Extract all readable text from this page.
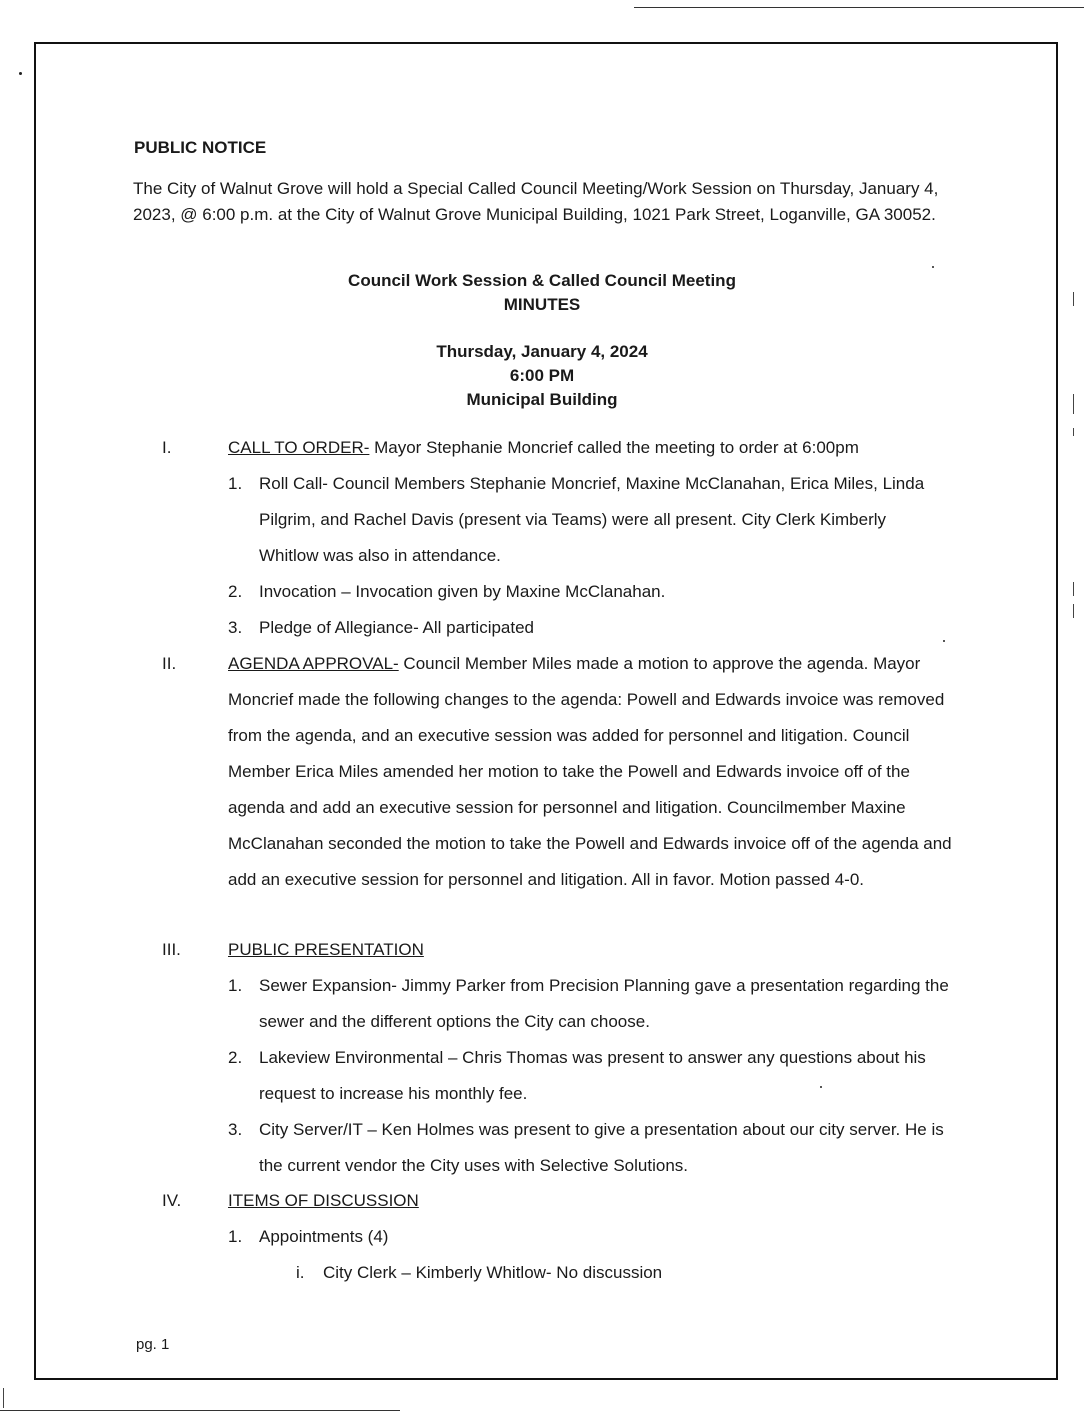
PUBLIC NOTICE
The City of Walnut Grove will hold a Special Called Council Meeting/Work Session on Thursday, January 4, 2023, @ 6:00 p.m. at the City of Walnut Grove Municipal Building, 1021 Park Street, Loganville, GA 30052.
Council Work Session & Called Council Meeting
MINUTES
Thursday, January 4, 2024
6:00 PM
Municipal Building
I.	CALL TO ORDER- Mayor Stephanie Moncrief called the meeting to order at 6:00pm
1. Roll Call- Council Members Stephanie Moncrief, Maxine McClanahan, Erica Miles, Linda Pilgrim, and Rachel Davis (present via Teams) were all present. City Clerk Kimberly Whitlow was also in attendance.
2. Invocation – Invocation given by Maxine McClanahan.
3. Pledge of Allegiance- All participated
II.	AGENDA APPROVAL- Council Member Miles made a motion to approve the agenda. Mayor Moncrief made the following changes to the agenda: Powell and Edwards invoice was removed from the agenda, and an executive session was added for personnel and litigation. Council Member Erica Miles amended her motion to take the Powell and Edwards invoice off of the agenda and add an executive session for personnel and litigation. Councilmember Maxine McClanahan seconded the motion to take the Powell and Edwards invoice off of the agenda and add an executive session for personnel and litigation. All in favor. Motion passed 4-0.
III.	PUBLIC PRESENTATION
1. Sewer Expansion- Jimmy Parker from Precision Planning gave a presentation regarding the sewer and the different options the City can choose.
2. Lakeview Environmental – Chris Thomas was present to answer any questions about his request to increase his monthly fee.
3. City Server/IT – Ken Holmes was present to give a presentation about our city server. He is the current vendor the City uses with Selective Solutions.
IV.	ITEMS OF DISCUSSION
1. Appointments (4)
i. City Clerk – Kimberly Whitlow- No discussion
pg. 1
